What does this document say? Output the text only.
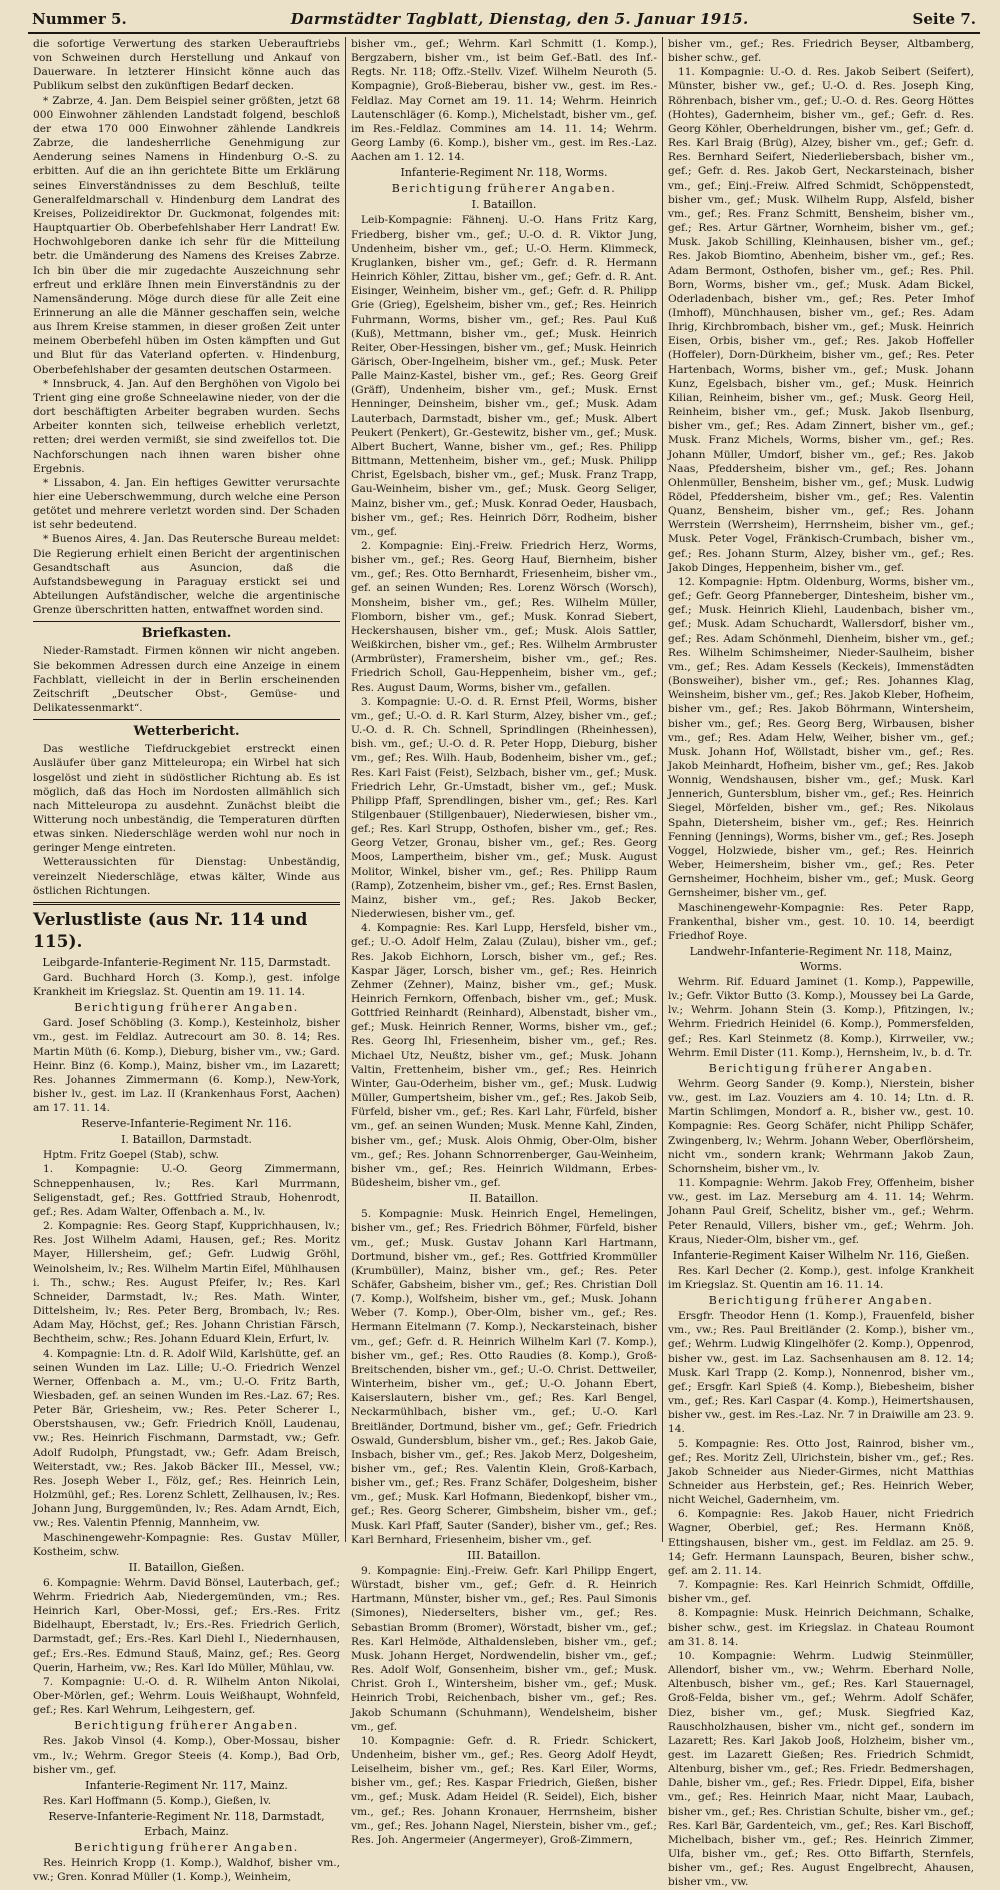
Nummer 5.	Darmstädter Tagblatt, Dienstag, den 5. Januar 1915.	Seite 7.

die sofortige Verwertung des starken Ueberauftriebs von Schweinen durch Herstellung und Ankauf von Dauerware. In letzterer Hinsicht könne auch das Publikum selbst den zukünftigen Bedarf decken.

* Zabrze, 4. Jan. Dem Beispiel seiner größten, jetzt 68 000 Einwohner zählenden Landstadt folgend, beschloß der etwa 170 000 Einwohner zählende Landkreis Zabrze, die landesherrliche Genehmigung zur Aenderung seines Namens in Hindenburg O.-S. zu erbitten. Auf die an ihn gerichtete Bitte um Erklärung seines Einverständnisses zu dem Beschluß, teilte Generalfeldmarschall v. Hindenburg dem Landrat des Kreises, Polizeidirektor Dr. Guckmonat, folgendes mit: Hauptquartier Ob. Oberbefehlshaber Herr Landrat! Ew. Hochwohlgeboren danke ich sehr für die Mitteilung betr. die Umänderung des Namens des Kreises Zabrze. Ich bin über die mir zugedachte Auszeichnung sehr erfreut und erkläre Ihnen mein Einverständnis zu der Namensänderung. Möge durch diese für alle Zeit eine Erinnerung an alle die Männer geschaffen sein, welche aus Ihrem Kreise stammen, in dieser großen Zeit unter meinem Oberbefehl hüben im Osten kämpften und Gut und Blut für das Vaterland opferten. v. Hindenburg, Oberbefehlshaber der gesamten deutschen Ostarmeen.

* Innsbruck, 4. Jan. Auf den Berghöhen von Vigolo bei Trient ging eine große Schneelawine nieder, von der die dort beschäftigten Arbeiter begraben wurden. Sechs Arbeiter konnten sich, teilweise erheblich verletzt, retten; drei werden vermißt, sie sind zweifellos tot. Die Nachforschungen nach ihnen waren bisher ohne Ergebnis.

* Lissabon, 4. Jan. Ein heftiges Gewitter verursachte hier eine Ueberschwemmung, durch welche eine Person getötet und mehrere verletzt worden sind. Der Schaden ist sehr bedeutend.

* Buenos Aires, 4. Jan. Das Reutersche Bureau meldet: Die Regierung erhielt einen Bericht der argentinischen Gesandtschaft aus Asuncion, daß die Aufstandsbewegung in Paraguay erstickt sei und Abteilungen Aufständischer, welche die argentinische Grenze überschritten hatten, entwaffnet worden sind.

Briefkasten.

Nieder-Ramstadt. Firmen können wir nicht angeben. Sie bekommen Adressen durch eine Anzeige in einem Fachblatt, vielleicht in der in Berlin erscheinenden Zeitschrift „Deutscher Obst-, Gemüse- und Delikatessenmarkt“.

Wetterbericht.

Das westliche Tiefdruckgebiet erstreckt einen Ausläufer über ganz Mitteleuropa; ein Wirbel hat sich losgelöst und zieht in südöstlicher Richtung ab. Es ist möglich, daß das Hoch im Nordosten allmählich sich nach Mitteleuropa zu ausdehnt. Zunächst bleibt die Witterung noch unbeständig, die Temperaturen dürften etwas sinken. Niederschläge werden wohl nur noch in geringer Menge eintreten.

Wetteraussichten für Dienstag: Unbeständig, vereinzelt Niederschläge, etwas kälter, Winde aus östlichen Richtungen.

Verlustliste (aus Nr. 114 und 115).
Leibgarde-Infanterie-Regiment Nr. 115, Darmstadt.

Gard. Buchhard Horch (3. Komp.), gest. infolge Krankheit im Kriegslaz. St. Quentin am 19. 11. 14.

Berichtigung früherer Angaben.

Gard. Josef Schöbling (3. Komp.), Kesteinholz, bisher vm., gest. im Feldlaz. Autrecourt am 30. 8. 14; Res. Martin Müth (6. Komp.), Dieburg, bisher vm., vw.; Gard. Heinr. Binz (6. Komp.), Mainz, bisher vm., im Lazarett; Res. Johannes Zimmermann (6. Komp.), New-York, bisher lv., gest. im Laz. II (Krankenhaus Forst, Aachen) am 17. 11. 14.

Reserve-Infanterie-Regiment Nr. 116.
I. Bataillon, Darmstadt.

Hptm. Fritz Goepel (Stab), schw.

1. Kompagnie: U.-O. Georg Zimmermann, Schneppenhausen, lv.; Res. Karl Murrmann, Seligenstadt, gef.; Res. Gottfried Straub, Hohenrodt, gef.; Res. Adam Walter, Offenbach a. M., lv.

2. Kompagnie: Res. Georg Stapf, Kupprichhausen, lv.; Res. Jost Wilhelm Adami, Hausen, gef.; Res. Moritz Mayer, Hillersheim, gef.; Gefr. Ludwig Gröhl, Weinolsheim, lv.; Res. Wilhelm Martin Eifel, Mühlhausen i. Th., schw.; Res. August Pfeifer, lv.; Res. Karl Schneider, Darmstadt, lv.; Res. Math. Winter, Dittelsheim, lv.; Res. Peter Berg, Brombach, lv.; Res. Adam May, Höchst, gef.; Res. Johann Christian Färsch, Bechtheim, schw.; Res. Johann Eduard Klein, Erfurt, lv.

4. Kompagnie: Ltn. d. R. Adolf Wild, Karlshütte, gef. an seinen Wunden im Laz. Lille; U.-O. Friedrich Wenzel Werner, Offenbach a. M., vm.; U.-O. Fritz Barth, Wiesbaden, gef. an seinen Wunden im Res.-Laz. 67; Res. Peter Bär, Griesheim, vw.; Res. Peter Scherer I., Oberstshausen, vw.; Gefr. Friedrich Knöll, Laudenau, vw.; Res. Heinrich Fischmann, Darmstadt, vw.; Gefr. Adolf Rudolph, Pfungstadt, vw.; Gefr. Adam Breisch, Weiterstadt, vw.; Res. Jakob Bäcker III., Messel, vw.; Res. Joseph Weber I., Fölz, gef.; Res. Heinrich Lein, Holzmühl, gef.; Res. Lorenz Schlett, Zellhausen, lv.; Res. Johann Jung, Burggemünden, lv.; Res. Adam Arndt, Eich, vw.; Res. Valentin Pfennig, Mannheim, vw.

Maschinengewehr-Kompagnie: Res. Gustav Müller, Kostheim, schw.

II. Bataillon, Gießen.

6. Kompagnie: Wehrm. David Bönsel, Lauterbach, gef.; Wehrm. Friedrich Aab, Niedergemünden, vm.; Res. Heinrich Karl, Ober-Mossi, gef.; Ers.-Res. Fritz Bidelhaupt, Eberstadt, lv.; Ers.-Res. Friedrich Gerlich, Darmstadt, gef.; Ers.-Res. Karl Diehl I., Niedernhausen, gef.; Ers.-Res. Edmund Stauß, Mainz, gef.; Res. Georg Querin, Harheim, vw.; Res. Karl Ido Müller, Mühlau, vw.

7. Kompagnie: U.-O. d. R. Wilhelm Anton Nikolai, Ober-Mörlen, gef.; Wehrm. Louis Weißhaupt, Wohnfeld, gef.; Res. Karl Wehrum, Leihgestern, gef.

Berichtigung früherer Angaben.

Res. Jakob Vinsol (4. Komp.), Ober-Mossau, bisher vm., lv.; Wehrm. Gregor Steeis (4. Komp.), Bad Orb, bisher vm., gef.

Infanterie-Regiment Nr. 117, Mainz.

Res. Karl Hoffmann (5. Komp.), Gießen, lv.

Reserve-Infanterie-Regiment Nr. 118, Darmstadt, Erbach, Mainz.
Berichtigung früherer Angaben.

Res. Heinrich Kropp (1. Komp.), Waldhof, bisher vm., vw.; Gren. Konrad Müller (1. Komp.), Weinheim,

bisher vm., gef.; Wehrm. Karl Schmitt (1. Komp.), Bergzabern, bisher vm., ist beim Gef.-Batl. des Inf.-Regts. Nr. 118; Offz.-Stellv. Vizef. Wilhelm Neuroth (5. Kompagnie), Groß-Bieberau, bisher vw., gest. im Res.-Feldlaz. May Cornet am 19. 11. 14; Wehrm. Heinrich Lautenschläger (6. Komp.), Michelstadt, bisher vm., gef. im Res.-Feldlaz. Commines am 14. 11. 14; Wehrm. Georg Lamby (6. Komp.), bisher vm., gest. im Res.-Laz. Aachen am 1. 12. 14.

Infanterie-Regiment Nr. 118, Worms.
Berichtigung früherer Angaben.
I. Bataillon.

Leib-Kompagnie: Fähnenj. U.-O. Hans Fritz Karg, Friedberg, bisher vm., gef.; U.-O. d. R. Viktor Jung, Undenheim, bisher vm., gef.; U.-O. Herm. Klimmeck, Kruglanken, bisher vm., gef.; Gefr. d. R. Hermann Heinrich Köhler, Zittau, bisher vm., gef.; Gefr. d. R. Ant. Eisinger, Weinheim, bisher vm., gef.; Gefr. d. R. Philipp Grie (Grieg), Egelsheim, bisher vm., gef.; Res. Heinrich Fuhrmann, Worms, bisher vm., gef.; Res. Paul Kuß (Kuß), Mettmann, bisher vm., gef.; Musk. Heinrich Reiter, Ober-Hessingen, bisher vm., gef.; Musk. Heinrich Gärisch, Ober-Ingelheim, bisher vm., gef.; Musk. Peter Palle Mainz-Kastel, bisher vm., gef.; Res. Georg Greif (Gräff), Undenheim, bisher vm., gef.; Musk. Ernst Henninger, Deinsheim, bisher vm., gef.; Musk. Adam Lauterbach, Darmstadt, bisher vm., gef.; Musk. Albert Peukert (Penkert), Gr.-Gestewitz, bisher vm., gef.; Musk. Albert Buchert, Wanne, bisher vm., gef.; Res. Philipp Bittmann, Mettenheim, bisher vm., gef.; Musk. Philipp Christ, Egelsbach, bisher vm., gef.; Musk. Franz Trapp, Gau-Weinheim, bisher vm., gef.; Musk. Georg Seliger, Mainz, bisher vm., gef.; Musk. Konrad Oeder, Hausbach, bisher vm., gef.; Res. Heinrich Dörr, Rodheim, bisher vm., gef.

2. Kompagnie: Einj.-Freiw. Friedrich Herz, Worms, bisher vm., gef.; Res. Georg Hauf, Biernheim, bisher vm., gef.; Res. Otto Bernhardt, Friesenheim, bisher vm., gef. an seinen Wunden; Res. Lorenz Wörsch (Worsch), Monsheim, bisher vm., gef.; Res. Wilhelm Müller, Flomborn, bisher vm., gef.; Musk. Konrad Siebert, Heckershausen, bisher vm., gef.; Musk. Alois Sattler, Weißkirchen, bisher vm., gef.; Res. Wilhelm Armbruster (Armbrüster), Framersheim, bisher vm., gef.; Res. Friedrich Scholl, Gau-Heppenheim, bisher vm., gef.; Res. August Daum, Worms, bisher vm., gefallen.

3. Kompagnie: U.-O. d. R. Ernst Pfeil, Worms, bisher vm., gef.; U.-O. d. R. Karl Sturm, Alzey, bisher vm., gef.; U.-O. d. R. Ch. Schnell, Sprindlingen (Rheinhessen), bish. vm., gef.; U.-O. d. R. Peter Hopp, Dieburg, bisher vm., gef.; Res. Wilh. Haub, Bodenheim, bisher vm., gef.; Res. Karl Faist (Feist), Selzbach, bisher vm., gef.; Musk. Friedrich Lehr, Gr.-Umstadt, bisher vm., gef.; Musk. Philipp Pfaff, Sprendlingen, bisher vm., gef.; Res. Karl Stilgenbauer (Stillgenbauer), Niederwiesen, bisher vm., gef.; Res. Karl Strupp, Osthofen, bisher vm., gef.; Res. Georg Vetzer, Gronau, bisher vm., gef.; Res. Georg Moos, Lampertheim, bisher vm., gef.; Musk. August Molitor, Winkel, bisher vm., gef.; Res. Philipp Raum (Ramp), Zotzenheim, bisher vm., gef.; Res. Ernst Baslen, Mainz, bisher vm., gef.; Res. Jakob Becker, Niederwiesen, bisher vm., gef.

4. Kompagnie: Res. Karl Lupp, Hersfeld, bisher vm., gef.; U.-O. Adolf Helm, Zalau (Zulau), bisher vm., gef.; Res. Jakob Eichhorn, Lorsch, bisher vm., gef.; Res. Kaspar Jäger, Lorsch, bisher vm., gef.; Res. Heinrich Zehmer (Zehner), Mainz, bisher vm., gef.; Musk. Heinrich Fernkorn, Offenbach, bisher vm., gef.; Musk. Gottfried Reinhardt (Reinhard), Albenstadt, bisher vm., gef.; Musk. Heinrich Renner, Worms, bisher vm., gef.; Res. Georg Ihl, Friesenheim, bisher vm., gef.; Res. Michael Utz, Neußtz, bisher vm., gef.; Musk. Johann Valtin, Frettenheim, bisher vm., gef.; Res. Heinrich Winter, Gau-Oderheim, bisher vm., gef.; Musk. Ludwig Müller, Gumpertsheim, bisher vm., gef.; Res. Jakob Seib, Fürfeld, bisher vm., gef.; Res. Karl Lahr, Fürfeld, bisher vm., gef. an seinen Wunden; Musk. Menne Kahl, Zinden, bisher vm., gef.; Musk. Alois Ohmig, Ober-Olm, bisher vm., gef.; Res. Johann Schnorrenberger, Gau-Weinheim, bisher vm., gef.; Res. Heinrich Wildmann, Erbes-Büdesheim, bisher vm., gef.

II. Bataillon.

5. Kompagnie: Musk. Heinrich Engel, Hemelingen, bisher vm., gef.; Res. Friedrich Böhmer, Fürfeld, bisher vm., gef.; Musk. Gustav Johann Karl Hartmann, Dortmund, bisher vm., gef.; Res. Gottfried Krommüller (Krumbüller), Mainz, bisher vm., gef.; Res. Peter Schäfer, Gabsheim, bisher vm., gef.; Res. Christian Doll (7. Komp.), Wolfsheim, bisher vm., gef.; Musk. Johann Weber (7. Komp.), Ober-Olm, bisher vm., gef.; Res. Hermann Eitelmann (7. Komp.), Neckarsteinach, bisher vm., gef.; Gefr. d. R. Heinrich Wilhelm Karl (7. Komp.), bisher vm., gef.; Res. Otto Raudies (8. Komp.), Groß-Breitschenden, bisher vm., gef.; U.-O. Christ. Dettweiler, Winterheim, bisher vm., gef.; U.-O. Johann Ebert, Kaiserslautern, bisher vm., gef.; Res. Karl Bengel, Neckarmühlbach, bisher vm., gef.; U.-O. Karl Breitländer, Dortmund, bisher vm., gef.; Gefr. Friedrich Oswald, Gundersblum, bisher vm., gef.; Res. Jakob Gaie, Insbach, bisher vm., gef.; Res. Jakob Merz, Dolgesheim, bisher vm., gef.; Res. Valentin Klein, Groß-Karbach, bisher vm., gef.; Res. Franz Schäfer, Dolgesheim, bisher vm., gef.; Musk. Karl Hofmann, Biedenkopf, bisher vm., gef.; Res. Georg Scherer, Gimbsheim, bisher vm., gef.; Musk. Karl Pfaff, Sauter (Sander), bisher vm., gef.; Res. Karl Bernhard, Friesenheim, bisher vm., gef.

III. Bataillon.

9. Kompagnie: Einj.-Freiw. Gefr. Karl Philipp Engert, Würstadt, bisher vm., gef.; Gefr. d. R. Heinrich Hartmann, Münster, bisher vm., gef.; Res. Paul Simonis (Simones), Niederselters, bisher vm., gef.; Res. Sebastian Bromm (Bromer), Wörstadt, bisher vm., gef.; Res. Karl Helmöde, Althaldensleben, bisher vm., gef.; Musk. Johann Herget, Nordwendelin, bisher vm., gef.; Res. Adolf Wolf, Gonsenheim, bisher vm., gef.; Musk. Christ. Groh I., Wintersheim, bisher vm., gef.; Musk. Heinrich Trobi, Reichenbach, bisher vm., gef.; Res. Jakob Schumann (Schuhmann), Wendelsheim, bisher vm., gef.

10. Kompagnie: Gefr. d. R. Friedr. Schickert, Undenheim, bisher vm., gef.; Res. Georg Adolf Heydt, Leiselheim, bisher vm., gef.; Res. Karl Eiler, Worms, bisher vm., gef.; Res. Kaspar Friedrich, Gießen, bisher vm., gef.; Musk. Adam Heidel (R. Seidel), Eich, bisher vm., gef.; Res. Johann Kronauer, Herrnsheim, bisher vm., gef.; Res. Johann Nagel, Nierstein, bisher vm., gef.; Res. Joh. Angermeier (Angermeyer), Groß-Zimmern,

bisher vm., gef.; Res. Friedrich Beyser, Altbamberg, bisher schw., gef.

11. Kompagnie: U.-O. d. Res. Jakob Seibert (Seifert), Münster, bisher vw., gef.; U.-O. d. Res. Joseph King, Röhrenbach, bisher vm., gef.; U.-O. d. Res. Georg Höttes (Hohtes), Gadernheim, bisher vm., gef.; Gefr. d. Res. Georg Köhler, Oberheldrungen, bisher vm., gef.; Gefr. d. Res. Karl Braig (Brüg), Alzey, bisher vm., gef.; Gefr. d. Res. Bernhard Seifert, Niederliebersbach, bisher vm., gef.; Gefr. d. Res. Jakob Gert, Neckarsteinach, bisher vm., gef.; Einj.-Freiw. Alfred Schmidt, Schöppenstedt, bisher vm., gef.; Musk. Wilhelm Rupp, Alsfeld, bisher vm., gef.; Res. Franz Schmitt, Bensheim, bisher vm., gef.; Res. Artur Gärtner, Wornheim, bisher vm., gef.; Musk. Jakob Schilling, Kleinhausen, bisher vm., gef.; Res. Jakob Biomtino, Abenheim, bisher vm., gef.; Res. Adam Bermont, Osthofen, bisher vm., gef.; Res. Phil. Born, Worms, bisher vm., gef.; Musk. Adam Bickel, Oderladenbach, bisher vm., gef.; Res. Peter Imhof (Imhoff), Münchhausen, bisher vm., gef.; Res. Adam Ihrig, Kirchbrombach, bisher vm., gef.; Musk. Heinrich Eisen, Orbis, bisher vm., gef.; Res. Jakob Hoffeller (Hoffeler), Dorn-Dürkheim, bisher vm., gef.; Res. Peter Hartenbach, Worms, bisher vm., gef.; Musk. Johann Kunz, Egelsbach, bisher vm., gef.; Musk. Heinrich Kilian, Reinheim, bisher vm., gef.; Musk. Georg Heil, Reinheim, bisher vm., gef.; Musk. Jakob Ilsenburg, bisher vm., gef.; Res. Adam Zinnert, bisher vm., gef.; Musk. Franz Michels, Worms, bisher vm., gef.; Res. Johann Müller, Umdorf, bisher vm., gef.; Res. Jakob Naas, Pfeddersheim, bisher vm., gef.; Res. Johann Ohlenmüller, Bensheim, bisher vm., gef.; Musk. Ludwig Rödel, Pfeddersheim, bisher vm., gef.; Res. Valentin Quanz, Bensheim, bisher vm., gef.; Res. Johann Werrstein (Werrsheim), Herrnsheim, bisher vm., gef.; Musk. Peter Vogel, Fränkisch-Crumbach, bisher vm., gef.; Res. Johann Sturm, Alzey, bisher vm., gef.; Res. Jakob Dinges, Heppenheim, bisher vm., gef.

12. Kompagnie: Hptm. Oldenburg, Worms, bisher vm., gef.; Gefr. Georg Pfanneberger, Dintesheim, bisher vm., gef.; Musk. Heinrich Kliehl, Laudenbach, bisher vm., gef.; Musk. Adam Schuchardt, Wallersdorf, bisher vm., gef.; Res. Adam Schönmehl, Dienheim, bisher vm., gef.; Res. Wilhelm Schimsheimer, Nieder-Saulheim, bisher vm., gef.; Res. Adam Kessels (Keckeis), Immenstädten (Bonsweiher), bisher vm., gef.; Res. Johannes Klag, Weinsheim, bisher vm., gef.; Res. Jakob Kleber, Hofheim, bisher vm., gef.; Res. Jakob Böhrmann, Wintersheim, bisher vm., gef.; Res. Georg Berg, Wirbausen, bisher vm., gef.; Res. Adam Helw, Weiher, bisher vm., gef.; Musk. Johann Hof, Wöllstadt, bisher vm., gef.; Res. Jakob Meinhardt, Hofheim, bisher vm., gef.; Res. Jakob Wonnig, Wendshausen, bisher vm., gef.; Musk. Karl Jennerich, Guntersblum, bisher vm., gef.; Res. Heinrich Siegel, Mörfelden, bisher vm., gef.; Res. Nikolaus Spahn, Dietersheim, bisher vm., gef.; Res. Heinrich Fenning (Jennings), Worms, bisher vm., gef.; Res. Joseph Voggel, Holzwiede, bisher vm., gef.; Res. Heinrich Weber, Heimersheim, bisher vm., gef.; Res. Peter Gernsheimer, Hochheim, bisher vm., gef.; Musk. Georg Gernsheimer, bisher vm., gef.

Maschinengewehr-Kompagnie: Res. Peter Rapp, Frankenthal, bisher vm., gest. 10. 10. 14, beerdigt Friedhof Roye.

Landwehr-Infanterie-Regiment Nr. 118, Mainz, Worms.

Wehrm. Rif. Eduard Jaminet (1. Komp.), Pappewille, lv.; Gefr. Viktor Butto (3. Komp.), Moussey bei La Garde, lv.; Wehrm. Johann Stein (3. Komp.), Pfitzingen, lv.; Wehrm. Friedrich Heinidel (6. Komp.), Pommersfelden, gef.; Res. Karl Steinmetz (8. Komp.), Kirrweiler, vw.; Wehrm. Emil Dister (11. Komp.), Hernsheim, lv., b. d. Tr.

Berichtigung früherer Angaben.

Wehrm. Georg Sander (9. Komp.), Nierstein, bisher vw., gest. im Laz. Vouziers am 4. 10. 14; Ltn. d. R. Martin Schlimgen, Mondorf a. R., bisher vw., gest. 10. Kompagnie: Res. Georg Schäfer, nicht Philipp Schäfer, Zwingenberg, lv.; Wehrm. Johann Weber, Oberflörsheim, nicht vm., sondern krank; Wehrmann Jakob Zaun, Schornsheim, bisher vm., lv.

11. Kompagnie: Wehrm. Jakob Frey, Offenheim, bisher vw., gest. im Laz. Merseburg am 4. 11. 14; Wehrm. Johann Paul Greif, Schelitz, bisher vm., gef.; Wehrm. Peter Renauld, Villers, bisher vm., gef.; Wehrm. Joh. Kraus, Nieder-Olm, bisher vm., gef.

Infanterie-Regiment Kaiser Wilhelm Nr. 116, Gießen.

Res. Karl Decher (2. Komp.), gest. infolge Krankheit im Kriegslaz. St. Quentin am 16. 11. 14.

Berichtigung früherer Angaben.

Ersgfr. Theodor Henn (1. Komp.), Frauenfeld, bisher vm., vw.; Res. Paul Breitländer (2. Komp.), bisher vm., gef.; Wehrm. Ludwig Klingelhöfer (2. Komp.), Oppenrod, bisher vw., gest. im Laz. Sachsenhausen am 8. 12. 14; Musk. Karl Trapp (2. Komp.), Nonnenrod, bisher vm., gef.; Ersgfr. Karl Spieß (4. Komp.), Biebesheim, bisher vm., gef.; Res. Karl Caspar (4. Komp.), Heimertshausen, bisher vw., gest. im Res.-Laz. Nr. 7 in Draiwille am 23. 9. 14.

5. Kompagnie: Res. Otto Jost, Rainrod, bisher vm., gef.; Res. Moritz Zell, Ulrichstein, bisher vm., gef.; Res. Jakob Schneider aus Nieder-Girmes, nicht Matthias Schneider aus Herbstein, gef.; Res. Heinrich Weber, nicht Weichel, Gadernheim, vm.

6. Kompagnie: Res. Jakob Hauer, nicht Friedrich Wagner, Oberbiel, gef.; Res. Hermann Knöß, Ettingshausen, bisher vm., gest. im Feldlaz. am 25. 9. 14; Gefr. Hermann Launspach, Beuren, bisher schw., gef. am 2. 11. 14.

7. Kompagnie: Res. Karl Heinrich Schmidt, Offdille, bisher vm., gef.

8. Kompagnie: Musk. Heinrich Deichmann, Schalke, bisher schw., gest. im Kriegslaz. in Chateau Roumont am 31. 8. 14.

10. Kompagnie: Wehrm. Ludwig Steinmüller, Allendorf, bisher vm., vw.; Wehrm. Eberhard Nolle, Altenbusch, bisher vm., gef.; Res. Karl Stauernagel, Groß-Felda, bisher vm., gef.; Wehrm. Adolf Schäfer, Diez, bisher vm., gef.; Musk. Siegfried Kaz, Rauschholzhausen, bisher vm., nicht gef., sondern im Lazarett; Res. Karl Jakob Jooß, Holzheim, bisher vm., gest. im Lazarett Gießen; Res. Friedrich Schmidt, Altenburg, bisher vm., gef.; Res. Friedr. Bedmershagen, Dahle, bisher vm., gef.; Res. Friedr. Dippel, Eifa, bisher vm., gef.; Res. Heinrich Maar, nicht Maar, Laubach, bisher vm., gef.; Res. Christian Schulte, bisher vm., gef.; Res. Karl Bär, Gardenteich, vm., gef.; Res. Karl Bischoff, Michelbach, bisher vm., gef.; Res. Heinrich Zimmer, Ulfa, bisher vm., gef.; Res. Otto Biffarth, Sternfels, bisher vm., gef.; Res. August Engelbrecht, Ahausen, bisher vm., vw.
